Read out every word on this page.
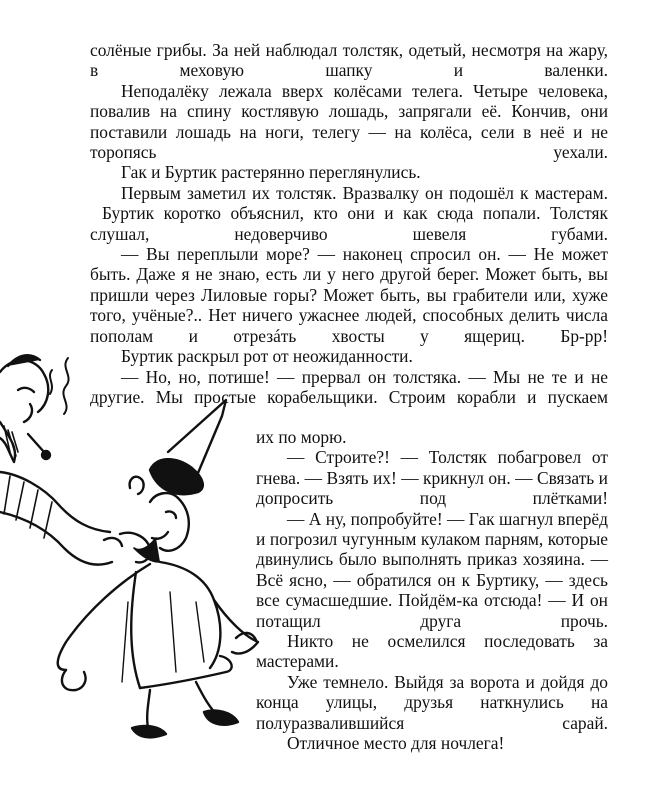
солёные грибы. За ней наблюдал толстяк, одетый, несмотря на жару, в меховую шапку и валенки.

Неподалёку лежала вверх колёсами телега. Четыре человека, повалив на спину костлявую лошадь, запрягали её. Кончив, они поставили лошадь на ноги, телегу — на колёса, сели в неё и не торопясь уехали.

Гак и Буртик растерянно переглянулись.

Первым заметил их толстяк. Вразвалку он подошёл к мастерам.

Буртик коротко объяснил, кто они и как сюда попали. Толстяк слушал, недоверчиво шевеля губами.

— Вы переплыли море? — наконец спросил он. — Не может быть. Даже я не знаю, есть ли у него другой берег. Может быть, вы пришли через Лиловые горы? Может быть, вы грабители или, хуже того, учёные?.. Нет ничего ужаснее людей, способных делить числа пополам и отрезáть хвосты у ящериц. Бр-рр!

Буртик раскрыл рот от неожиданности.

— Но, но, потише! — прервал он толстяка. — Мы не те и не другие. Мы простые корабельщики. Строим корабли и пускаем

их по морю.

— Строите?! — Толстяк побагровел от гнева. — Взять их! — крикнул он. — Связать и допросить под плётками!

— А ну, попробуйте! — Гак шагнул вперёд и погрозил чугунным кулаком парням, которые двинулись было выполнять приказ хозяина. — Всё ясно, — обратился он к Буртику, — здесь все сумасшедшие. Пойдём-ка отсюда! — И он потащил друга прочь.

Никто не осмелился последовать за мастерами.

Уже темнело. Выйдя за ворота и дойдя до конца улицы, друзья наткнулись на полуразвалившийся сарай.

Отличное место для ночлега!
